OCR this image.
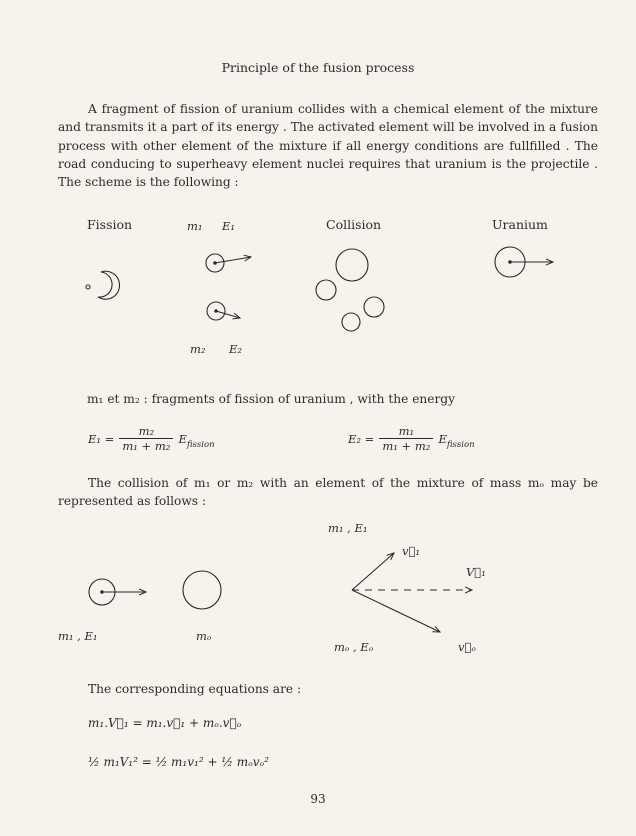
Principle of the fusion process
A fragment of fission of uranium collides with a chemical element of the mixture and transmits it a part of its energy . The activated element will be involved in a fusion process with other element of the mixture if all energy conditions are fullfilled . The road conducing to superheavy element nuclei requires that uranium is the projectile . The scheme is the following :
Fission	m₁ E₁	Collision	Uranium
m₂ E₂
m₁ et m₂ : fragments of fission of uranium , with the energy
$E_1 = \frac{\text{m₂}}{\text{m₁ + m₂}} E_{fission}$	$E_2 = \frac{\text{m₁}}{\text{m₁ + m₂}} E_{fission}$
The collision of m₁ or m₂ with an element of the mixture of mass mₒ may be represented as follows :
m₁ , E₁
v⃗₁
V⃗₁
m₁ , E₁	mₒ
mₒ , Eₒ	v⃗ₒ
The corresponding equations are :
m₁.V⃗₁ = m₁.v⃗₁ + mₒ.v⃗ₒ
½ m₁V₁² = ½ m₁v₁² + ½ mₒvₒ²
93
